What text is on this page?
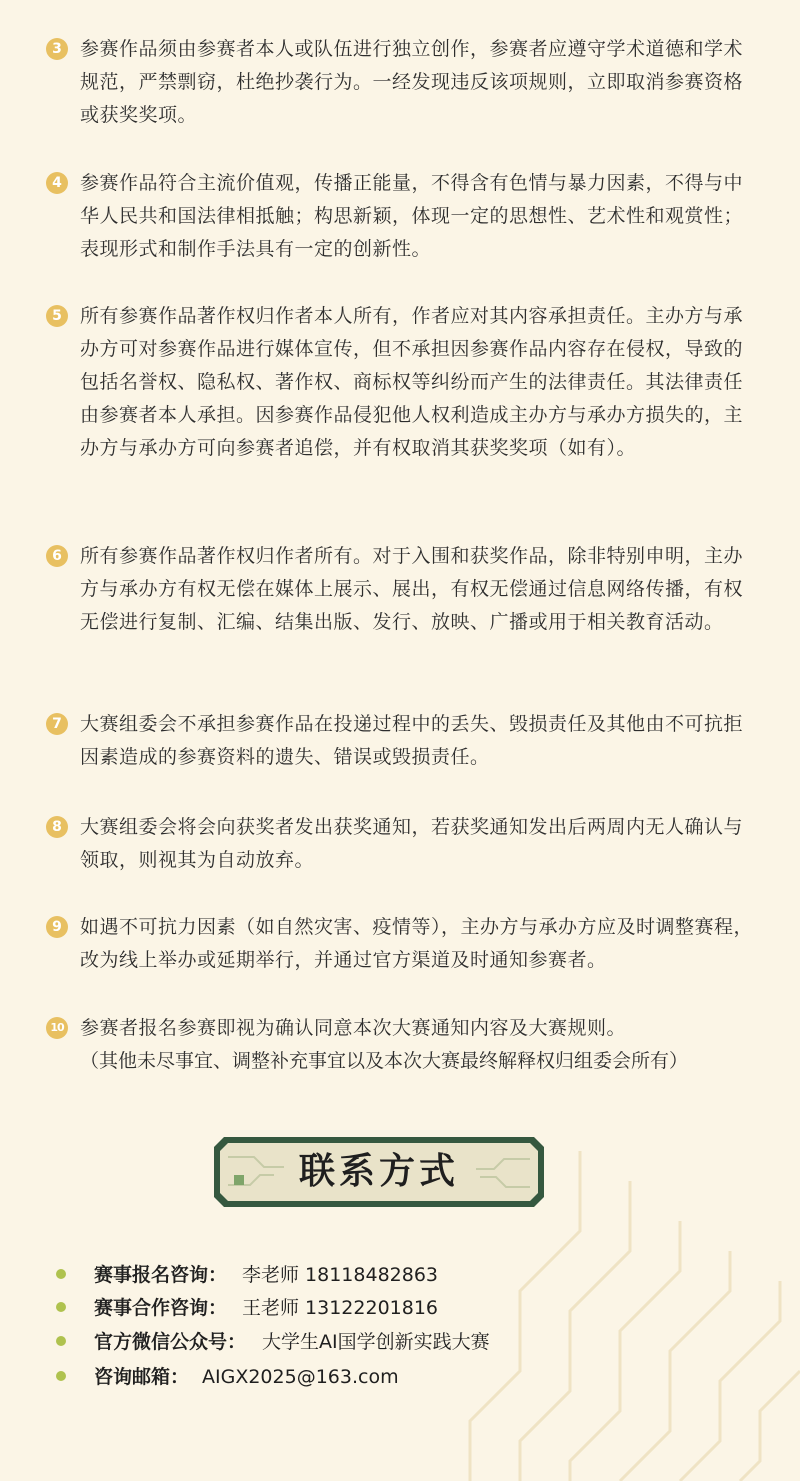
3 参赛作品须由参赛者本人或队伍进行独立创作，参赛者应遵守学术道德和学术规范，严禁剽窃，杜绝抄袭行为。一经发现违反该项规则，立即取消参赛资格或获奖奖项。
4 参赛作品符合主流价值观，传播正能量，不得含有色情与暴力因素，不得与中华人民共和国法律相抵触；构思新颖，体现一定的思想性、艺术性和观赏性；表现形式和制作手法具有一定的创新性。
5 所有参赛作品著作权归作者本人所有，作者应对其内容承担责任。主办方与承办方可对参赛作品进行媒体宣传，但不承担因参赛作品内容存在侵权，导致的包括名誉权、隐私权、著作权、商标权等纠纷而产生的法律责任。其法律责任由参赛者本人承担。因参赛作品侵犯他人权利造成主办方与承办方损失的，主办方与承办方可向参赛者追偿，并有权取消其获奖奖项（如有）。
6 所有参赛作品著作权归作者所有。对于入围和获奖作品，除非特别申明，主办方与承办方有权无偿在媒体上展示、展出，有权无偿通过信息网络传播，有权无偿进行复制、汇编、结集出版、发行、放映、广播或用于相关教育活动。
7 大赛组委会不承担参赛作品在投递过程中的丢失、毁损责任及其他由不可抗拒因素造成的参赛资料的遗失、错误或毁损责任。
8 大赛组委会将会向获奖者发出获奖通知，若获奖通知发出后两周内无人确认与领取，则视其为自动放弃。
9 如遇不可抗力因素（如自然灾害、疫情等），主办方与承办方应及时调整赛程，改为线上举办或延期举行，并通过官方渠道及时通知参赛者。
10 参赛者报名参赛即视为确认同意本次大赛通知内容及大赛规则。
（其他未尽事宜、调整补充事宜以及本次大赛最终解释权归组委会所有）
联系方式
赛事报名咨询： 李老师 18118482863
赛事合作咨询： 王老师 13122201816
官方微信公众号： 大学生AI国学创新实践大赛
咨询邮箱： AIGX2025@163.com
